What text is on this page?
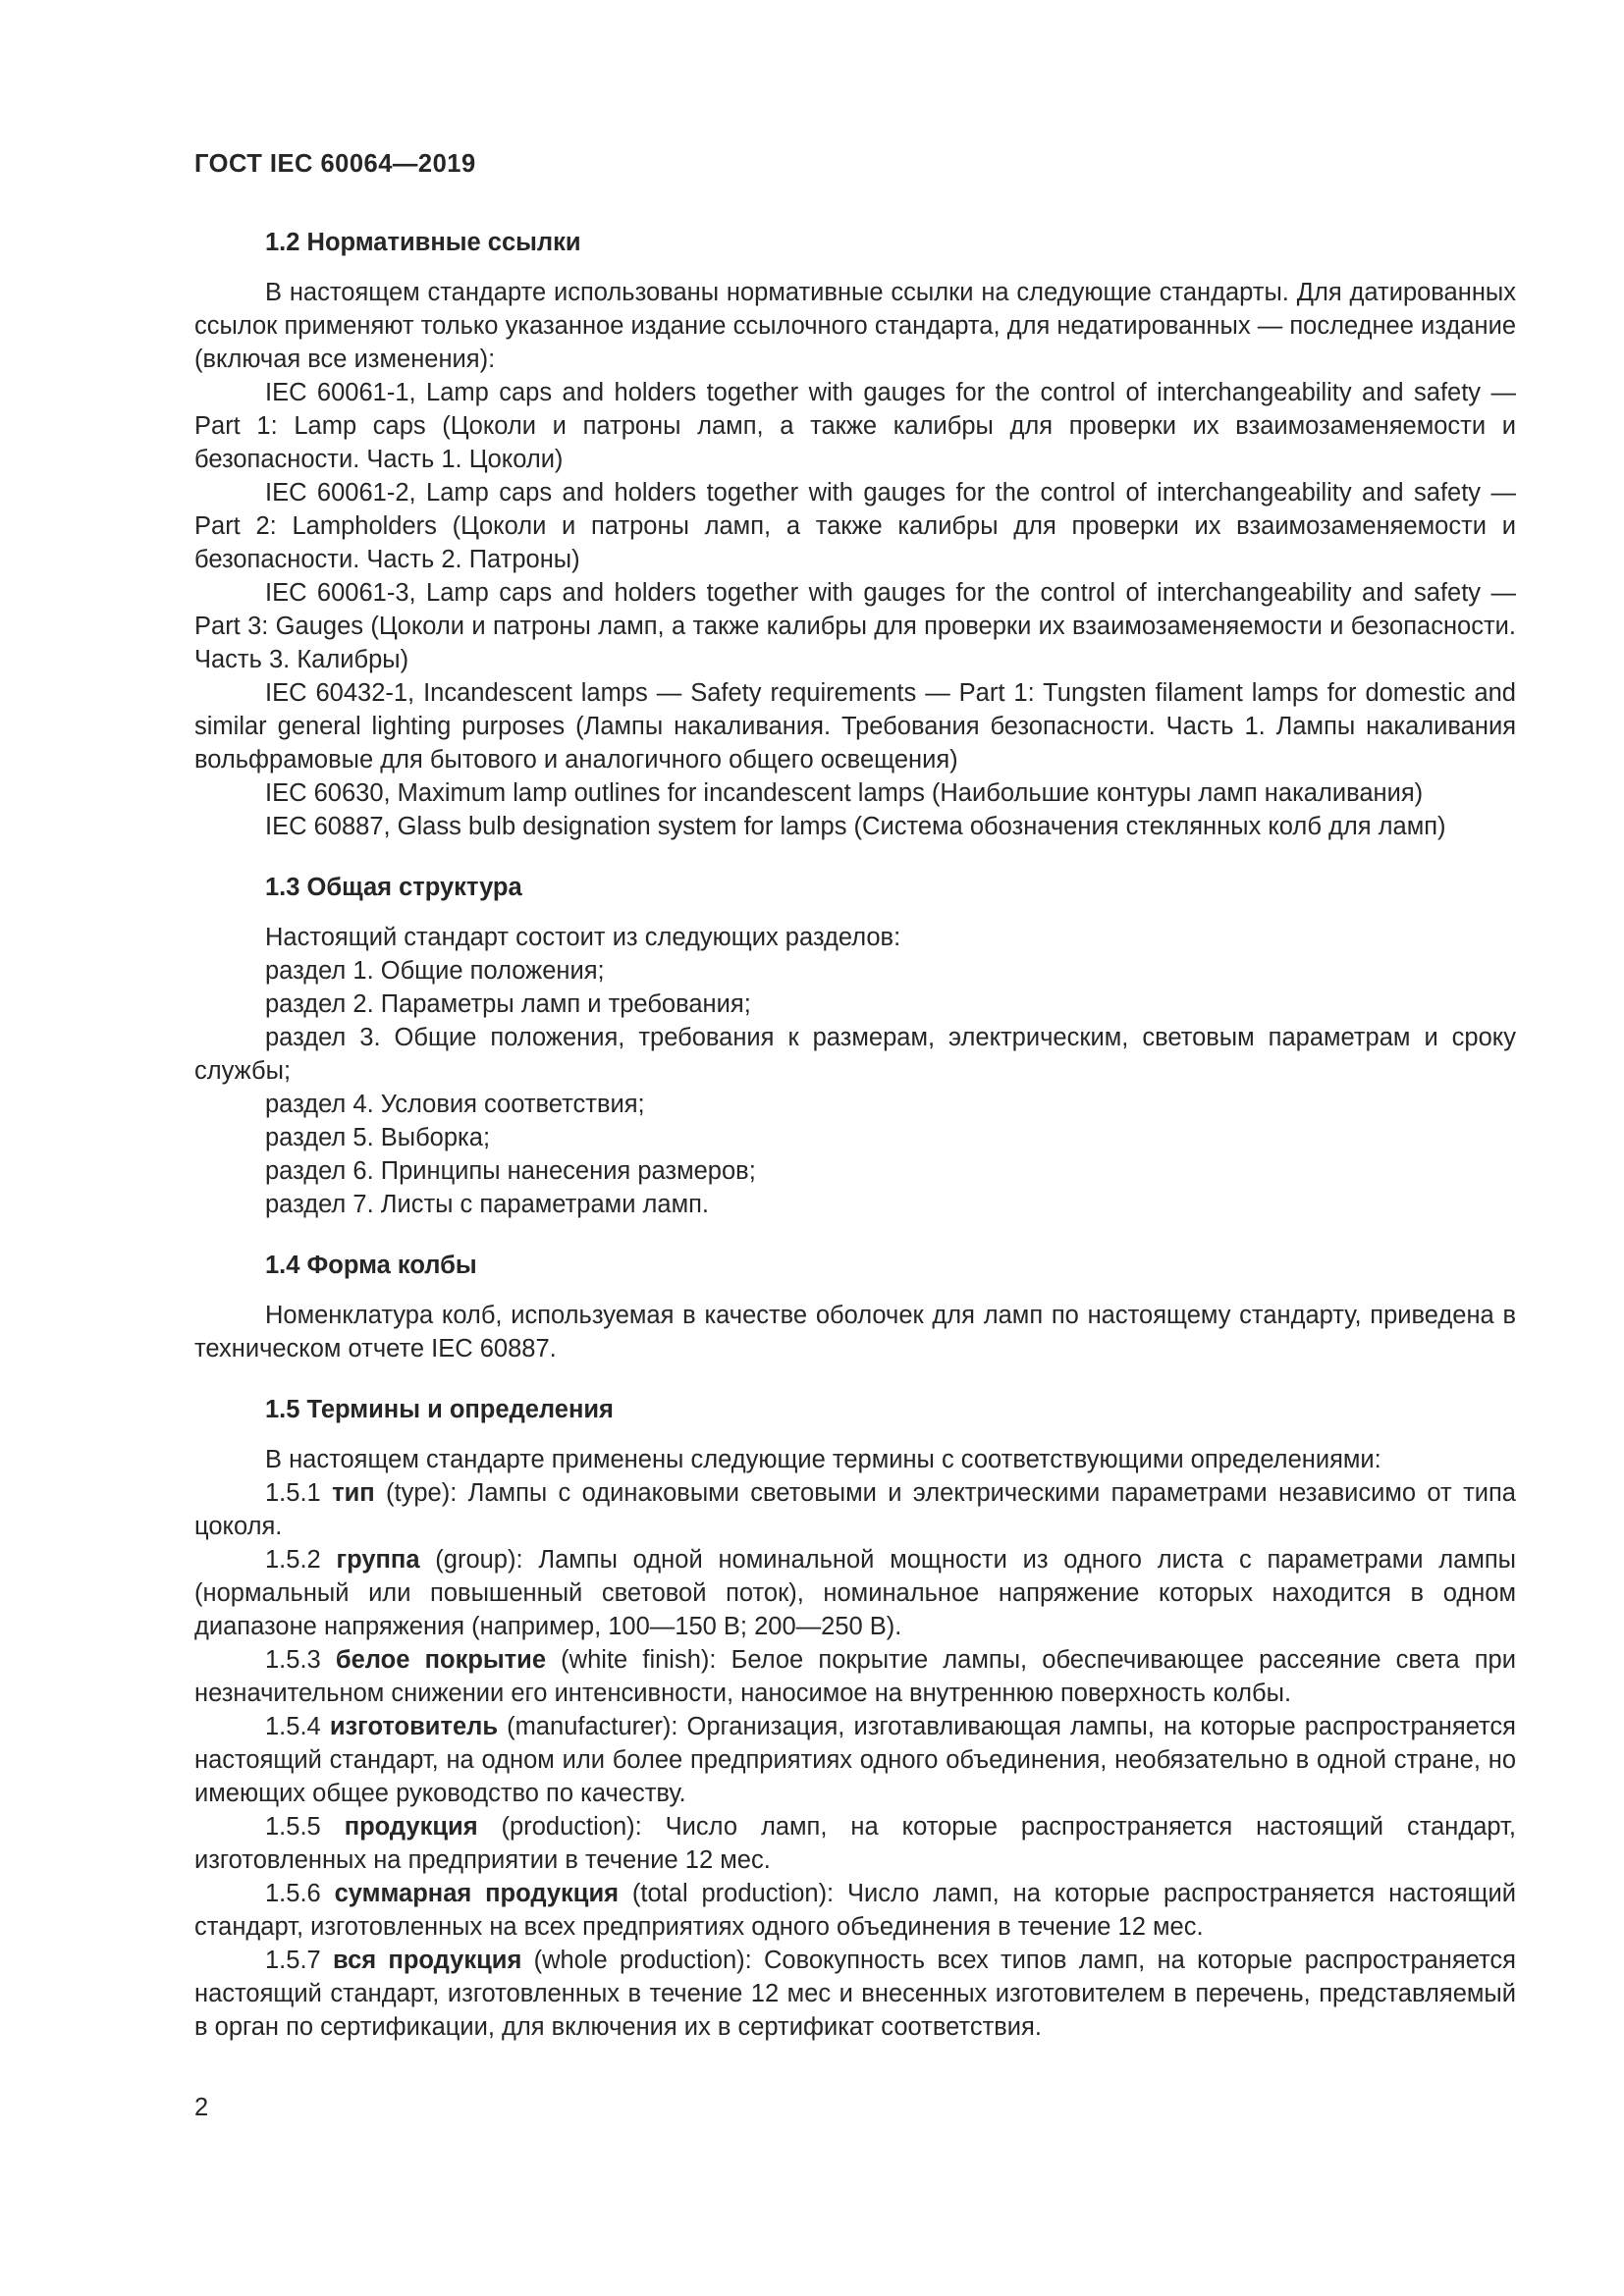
ГОСТ IEC 60064—2019
1.2 Нормативные ссылки

В настоящем стандарте использованы нормативные ссылки на следующие стандарты. Для датированных ссылок применяют только указанное издание ссылочного стандарта, для недатированных — последнее издание (включая все изменения):

IEC 60061-1, Lamp caps and holders together with gauges for the control of interchangeability and safety — Part 1: Lamp caps (Цоколи и патроны ламп, а также калибры для проверки их взаимозаменяемости и безопасности. Часть 1. Цоколи)

IEC 60061-2, Lamp caps and holders together with gauges for the control of interchangeability and safety — Part 2: Lampholders (Цоколи и патроны ламп, а также калибры для проверки их взаимозаменяемости и безопасности. Часть 2. Патроны)

IEC 60061-3, Lamp caps and holders together with gauges for the control of interchangeability and safety — Part 3: Gauges (Цоколи и патроны ламп, а также калибры для проверки их взаимозаменяемости и безопасности. Часть 3. Калибры)

IEC 60432-1, Incandescent lamps — Safety requirements — Part 1: Tungsten filament lamps for domestic and similar general lighting purposes (Лампы накаливания. Требования безопасности. Часть 1. Лампы накаливания вольфрамовые для бытового и аналогичного общего освещения)

IEC 60630, Maximum lamp outlines for incandescent lamps (Наибольшие контуры ламп накаливания)

IEC 60887, Glass bulb designation system for lamps (Система обозначения стеклянных колб для ламп)

1.3 Общая структура

Настоящий стандарт состоит из следующих разделов:

раздел 1. Общие положения;

раздел 2. Параметры ламп и требования;

раздел 3. Общие положения, требования к размерам, электрическим, световым параметрам и сроку службы;

раздел 4. Условия соответствия;

раздел 5. Выборка;

раздел 6. Принципы нанесения размеров;

раздел 7. Листы с параметрами ламп.

1.4 Форма колбы

Номенклатура колб, используемая в качестве оболочек для ламп по настоящему стандарту, приведена в техническом отчете IEC 60887.

1.5 Термины и определения

В настоящем стандарте применены следующие термины с соответствующими определениями:

1.5.1 тип (type): Лампы с одинаковыми световыми и электрическими параметрами независимо от типа цоколя.

1.5.2 группа (group): Лампы одной номинальной мощности из одного листа с параметрами лампы (нормальный или повышенный световой поток), номинальное напряжение которых находится в одном диапазоне напряжения (например, 100—150 В; 200—250 В).

1.5.3 белое покрытие (white finish): Белое покрытие лампы, обеспечивающее рассеяние света при незначительном снижении его интенсивности, наносимое на внутреннюю поверхность колбы.

1.5.4 изготовитель (manufacturer): Организация, изготавливающая лампы, на которые распространяется настоящий стандарт, на одном или более предприятиях одного объединения, необязательно в одной стране, но имеющих общее руководство по качеству.

1.5.5 продукция (production): Число ламп, на которые распространяется настоящий стандарт, изготовленных на предприятии в течение 12 мес.

1.5.6 суммарная продукция (total production): Число ламп, на которые распространяется настоящий стандарт, изготовленных на всех предприятиях одного объединения в течение 12 мес.

1.5.7 вся продукция (whole production): Совокупность всех типов ламп, на которые распространяется настоящий стандарт, изготовленных в течение 12 мес и внесенных изготовителем в перечень, представляемый в орган по сертификации, для включения их в сертификат соответствия.

2
